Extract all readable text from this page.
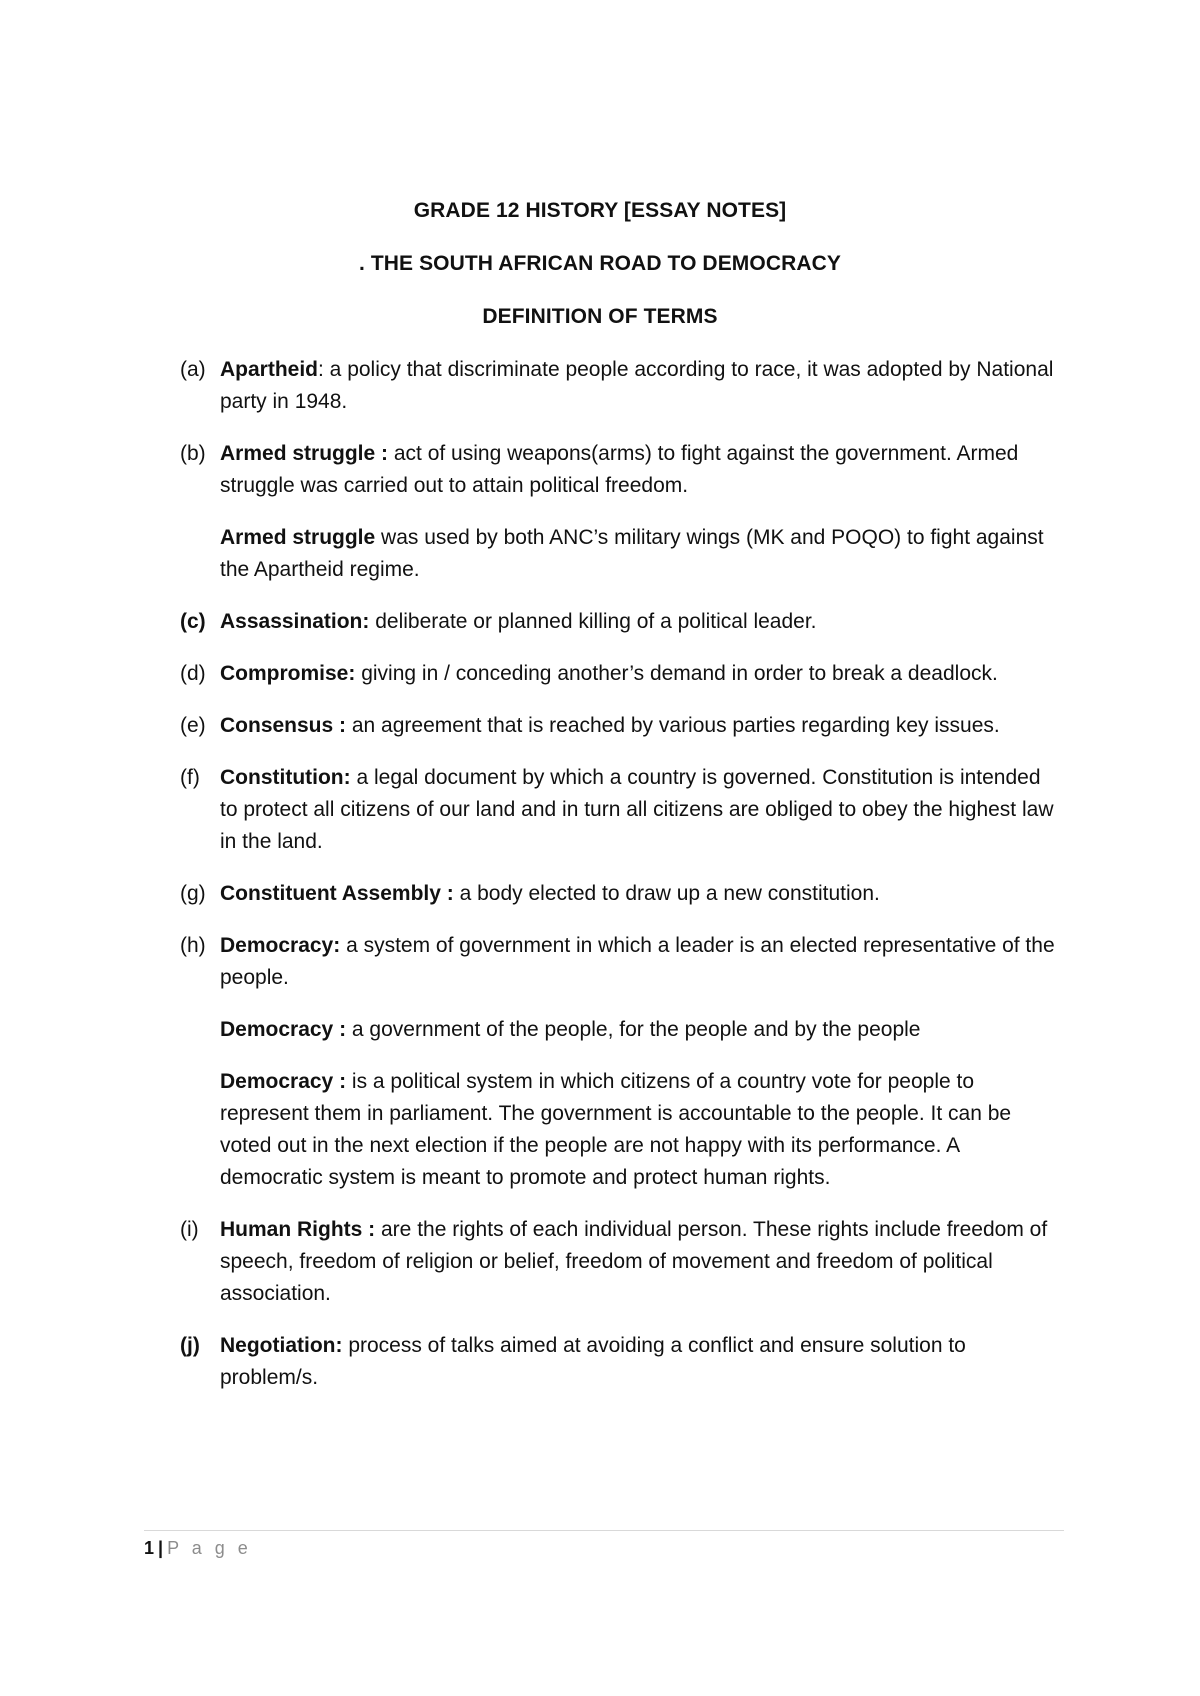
GRADE 12 HISTORY [ESSAY NOTES]
. THE SOUTH AFRICAN ROAD TO DEMOCRACY
DEFINITION OF TERMS
(a) Apartheid: a policy that discriminate people according to race, it was adopted by National party in 1948.
(b) Armed struggle : act of using weapons(arms) to fight against the government. Armed struggle was carried out to attain political freedom.
Armed struggle was used by both ANC’s military wings (MK and POQO) to fight against the Apartheid regime.
(c) Assassination: deliberate or planned killing of a political leader.
(d) Compromise: giving in / conceding another’s demand in order to break a deadlock.
(e) Consensus : an agreement that is reached by various parties regarding key issues.
(f) Constitution: a legal document by which a country is governed. Constitution is intended to protect all citizens of our land and in turn all citizens are obliged to obey the highest law in the land.
(g) Constituent Assembly : a body elected to draw up a new constitution.
(h) Democracy: a system of government in which a leader is an elected representative of the people.
Democracy : a government of the people, for the people and by the people
Democracy : is a political system in which citizens of a country vote for people to represent them in parliament. The government is accountable to the people. It can be voted out in the next election if the people are not happy with its performance. A democratic system is meant to promote and protect human rights.
(i) Human Rights : are the rights of each individual person. These rights include freedom of speech, freedom of religion or belief, freedom of movement and freedom of political association.
(j) Negotiation: process of talks aimed at avoiding a conflict and ensure solution to problem/s.
1 | P a g e
